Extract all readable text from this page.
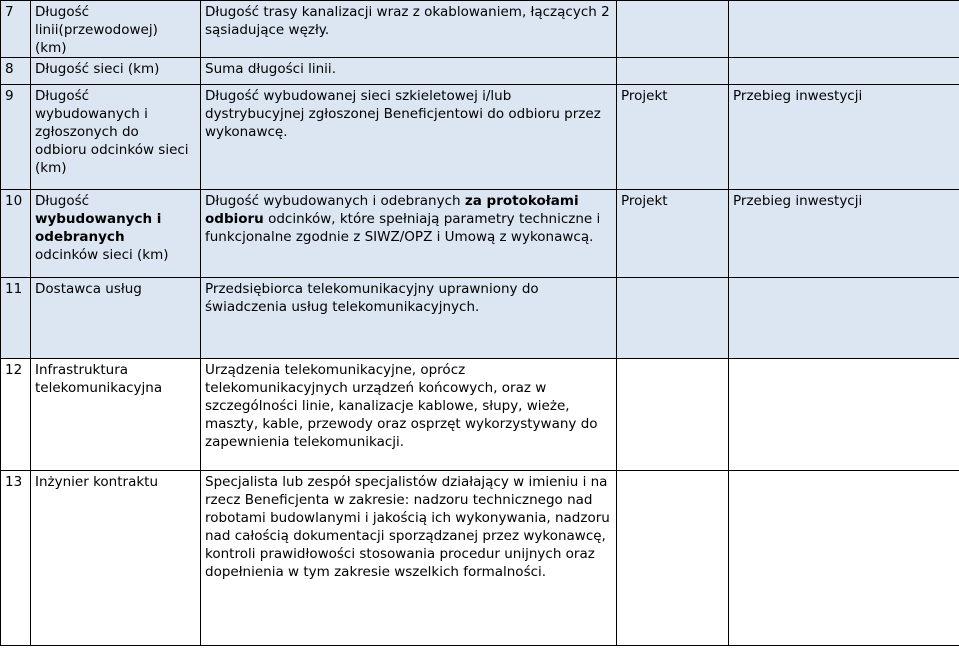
7	Długość
linii(przewodowej)
(km)	Długość trasy kanalizacji wraz z okablowaniem, łączących 2 sąsiadujące węzły.		
8	Długość sieci (km)	Suma długości linii.		
9	Długość
wybudowanych i
zgłoszonych do
odbioru odcinków sieci
(km)	Długość wybudowanej sieci szkieletowej i/lub dystrybucyjnej zgłoszonej Beneficjentowi do odbioru przez wykonawcę.	Projekt	Przebieg inwestycji
10	Długość
wybudowanych i
odebranych
odcinków sieci (km)	Długość wybudowanych i odebranych za protokołami odbioru odcinków, które spełniają parametry techniczne i funkcjonalne zgodnie z SIWZ/OPZ i Umową z wykonawcą.	Projekt	Przebieg inwestycji
11	Dostawca usług	Przedsiębiorca telekomunikacyjny uprawniony do świadczenia usług telekomunikacyjnych.		
12	Infrastruktura
telekomunikacyjna	Urządzenia telekomunikacyjne, oprócz telekomunikacyjnych urządzeń końcowych, oraz w szczególności linie, kanalizacje kablowe, słupy, wieże, maszty, kable, przewody oraz osprzęt wykorzystywany do zapewnienia telekomunikacji.		
13	Inżynier kontraktu	Specjalista lub zespół specjalistów działający w imieniu i na rzecz Beneficjenta w zakresie: nadzoru technicznego nad robotami budowlanymi i jakością ich wykonywania, nadzoru nad całością dokumentacji sporządzanej przez wykonawcę, kontroli prawidłowości stosowania procedur unijnych oraz dopełnienia w tym zakresie wszelkich formalności.		
